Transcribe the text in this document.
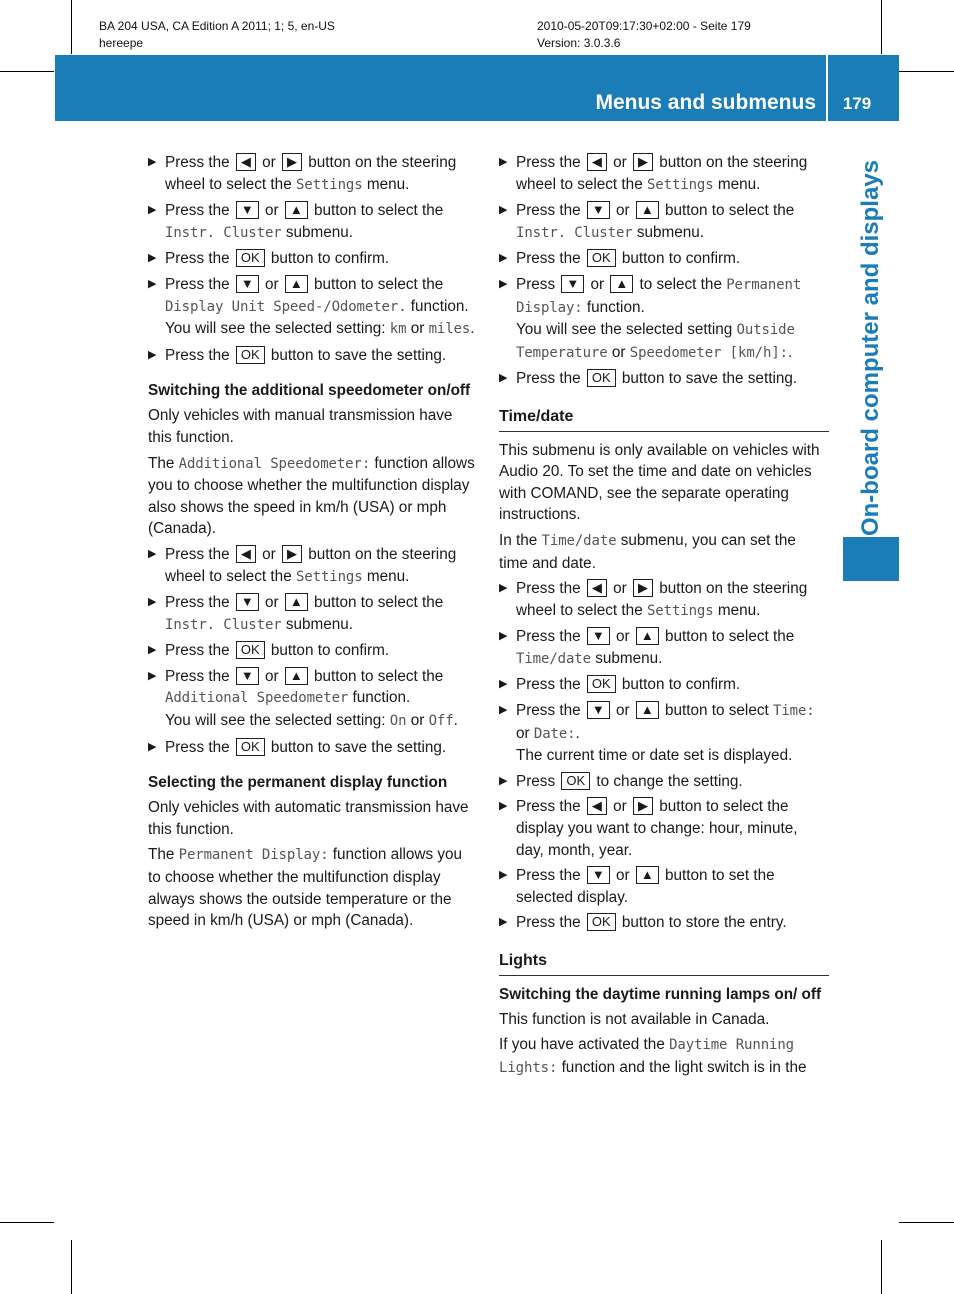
BA 204 USA, CA Edition A 2011; 1; 5, en-US
hereepe
2010-05-20T09:17:30+02:00 - Seite 179
Version: 3.0.3.6
Menus and submenus	179
On-board computer and displays
▶ Press the ◀ or ▶ button on the steering wheel to select the Settings menu.
▶ Press the ▼ or ▲ button to select the Instr. Cluster submenu.
▶ Press the OK button to confirm.
▶ Press the ▼ or ▲ button to select the Display Unit Speed-/Odometer. function.
You will see the selected setting: km or miles.
▶ Press the OK button to save the setting.
Switching the additional speedometer on/off

Only vehicles with manual transmission have this function.

The Additional Speedometer: function allows you to choose whether the multifunction display also shows the speed in km/h (USA) or mph (Canada).

▶ Press the ◀ or ▶ button on the steering wheel to select the Settings menu.
▶ Press the ▼ or ▲ button to select the Instr. Cluster submenu.
▶ Press the OK button to confirm.
▶ Press the ▼ or ▲ button to select the Additional Speedometer function.
You will see the selected setting: On or Off.
▶ Press the OK button to save the setting.
Selecting the permanent display function

Only vehicles with automatic transmission have this function.

The Permanent Display: function allows you to choose whether the multifunction display always shows the outside temperature or the speed in km/h (USA) or mph (Canada).

▶ Press the ◀ or ▶ button on the steering wheel to select the Settings menu.
▶ Press the ▼ or ▲ button to select the Instr. Cluster submenu.
▶ Press the OK button to confirm.
▶ Press ▼ or ▲ to select the Permanent Display: function.
You will see the selected setting Outside Temperature or Speedometer [km/h]:.
▶ Press the OK button to save the setting.
Time/date

This submenu is only available on vehicles with Audio 20. To set the time and date on vehicles with COMAND, see the separate operating instructions.

In the Time/date submenu, you can set the time and date.

▶ Press the ◀ or ▶ button on the steering wheel to select the Settings menu.
▶ Press the ▼ or ▲ button to select the Time/date submenu.
▶ Press the OK button to confirm.
▶ Press the ▼ or ▲ button to select Time: or Date:.
The current time or date set is displayed.
▶ Press OK to change the setting.
▶ Press the ◀ or ▶ button to select the display you want to change: hour, minute, day, month, year.
▶ Press the ▼ or ▲ button to set the selected display.
▶ Press the OK button to store the entry.
Lights
Switching the daytime running lamps on/ off

This function is not available in Canada.

If you have activated the Daytime Running Lights: function and the light switch is in the
